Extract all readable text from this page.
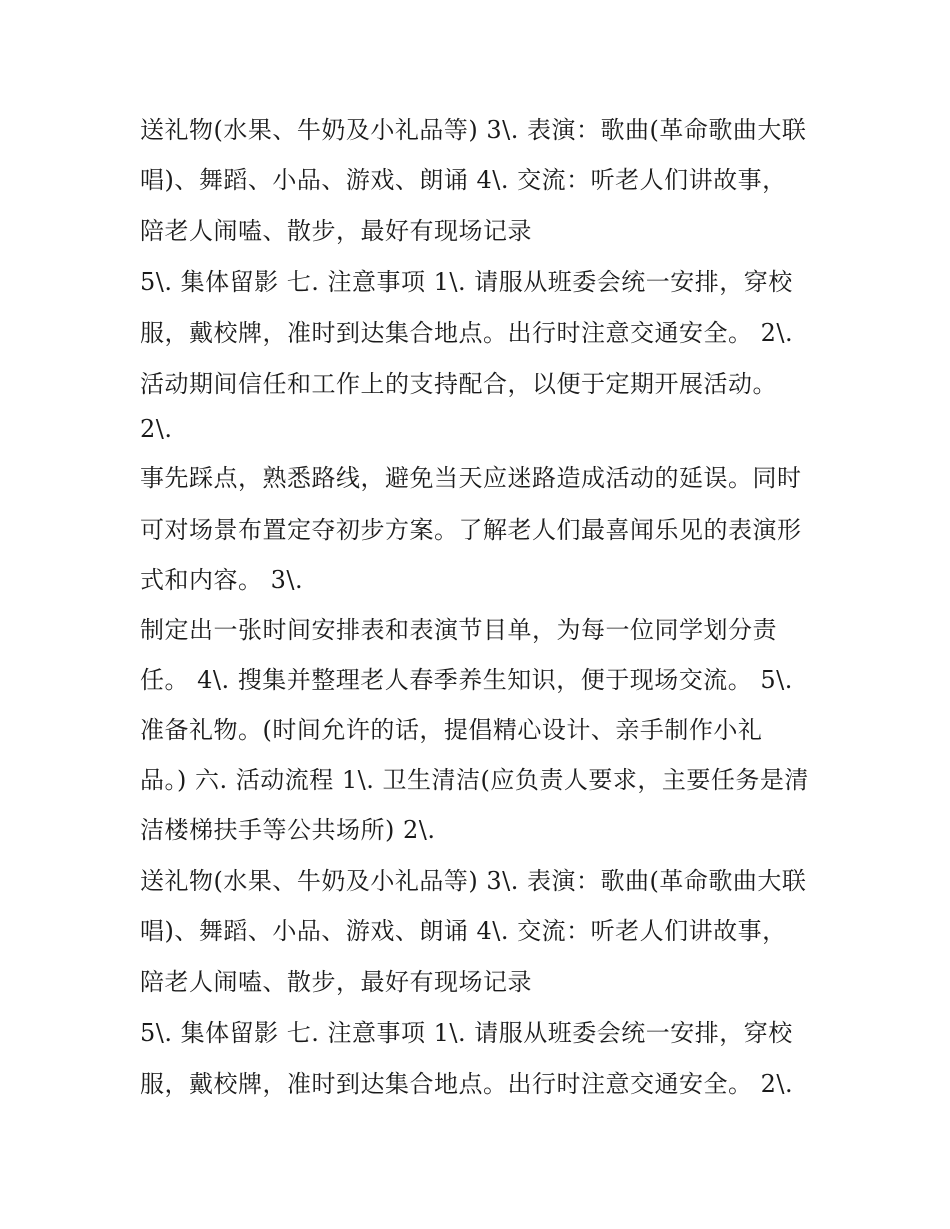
送礼物(水果、牛奶及小礼品等) 3\. 表演：歌曲(革命歌曲大联
唱)、舞蹈、小品、游戏、朗诵 4\. 交流：听老人们讲故事，
陪老人闹嗑、散步，最好有现场记录
5\. 集体留影 七. 注意事项 1\. 请服从班委会统一安排，穿校
服，戴校牌，准时到达集合地点。出行时注意交通安全。 2\.
活动期间信任和工作上的支持配合，以便于定期开展活动。
2\.
事先踩点，熟悉路线，避免当天应迷路造成活动的延误。同时
可对场景布置定夺初步方案。了解老人们最喜闻乐见的表演形
式和内容。 3\.
制定出一张时间安排表和表演节目单，为每一位同学划分责
任。 4\. 搜集并整理老人春季养生知识，便于现场交流。 5\.
准备礼物。(时间允许的话，提倡精心设计、亲手制作小礼
品。) 六. 活动流程 1\. 卫生清洁(应负责人要求，主要任务是清
洁楼梯扶手等公共场所) 2\.
送礼物(水果、牛奶及小礼品等) 3\. 表演：歌曲(革命歌曲大联
唱)、舞蹈、小品、游戏、朗诵 4\. 交流：听老人们讲故事，
陪老人闹嗑、散步，最好有现场记录
5\. 集体留影 七. 注意事项 1\. 请服从班委会统一安排，穿校
服，戴校牌，准时到达集合地点。出行时注意交通安全。 2\.
